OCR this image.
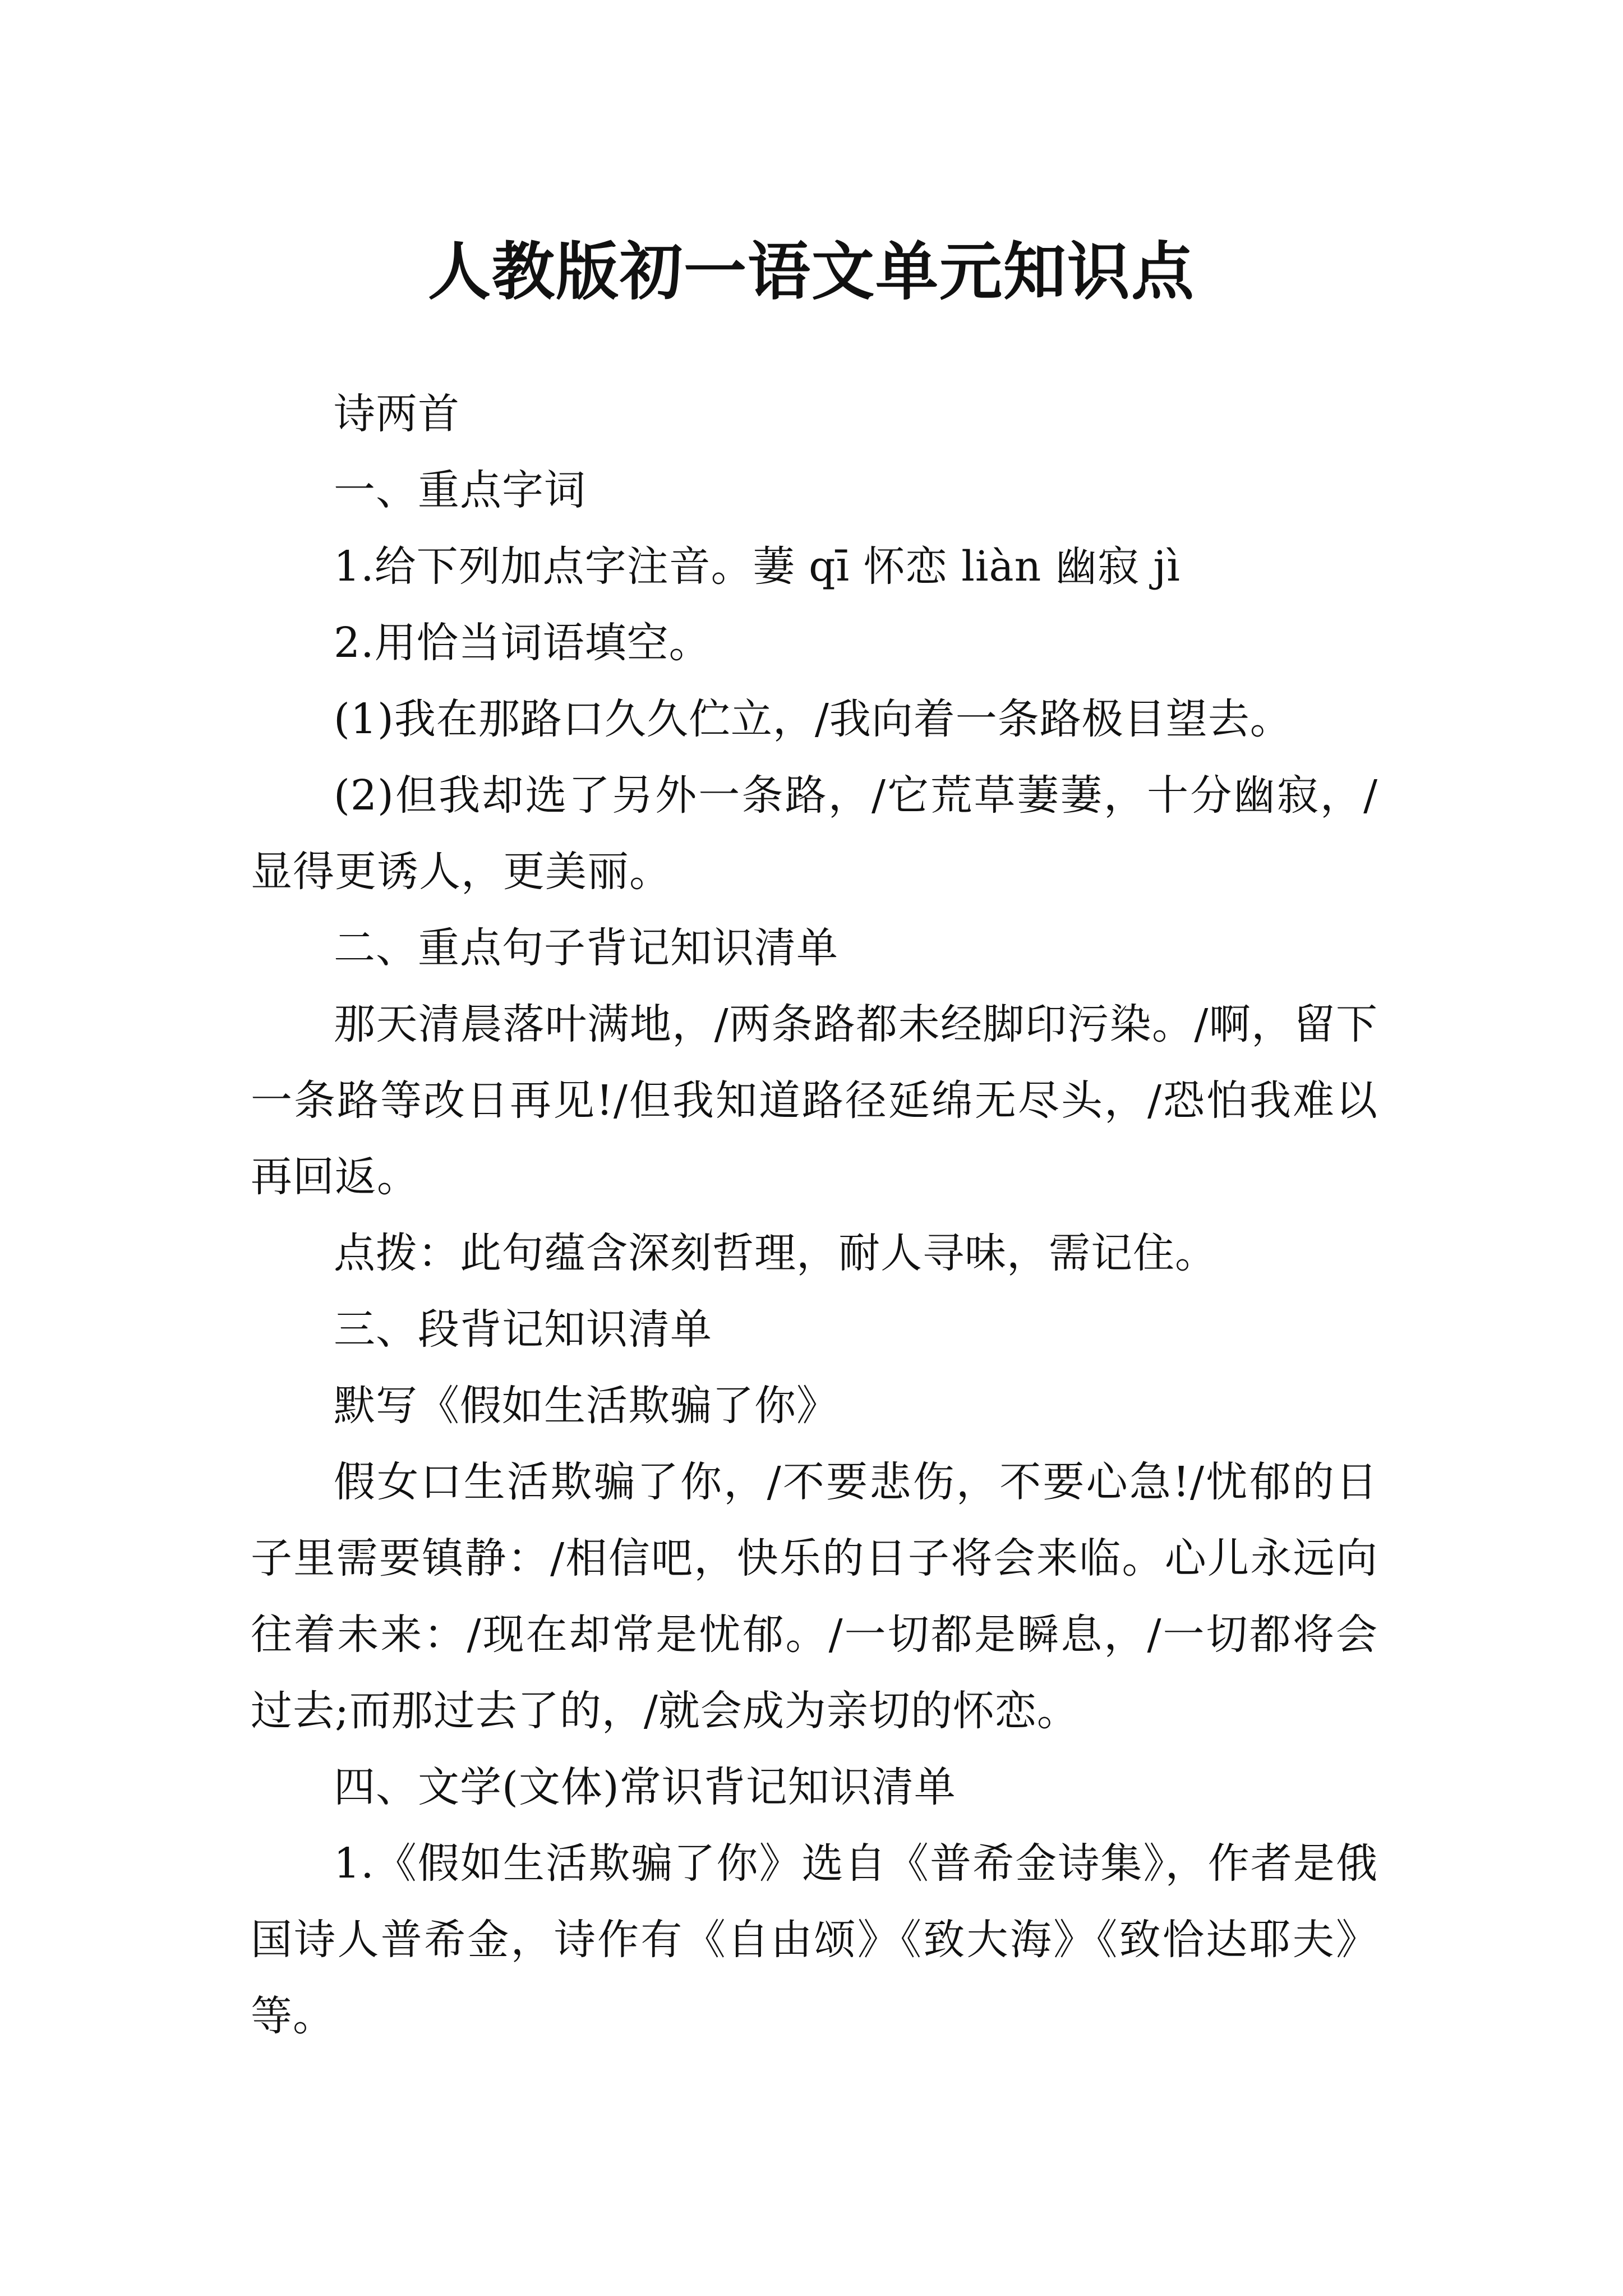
人教版初一语文单元知识点

诗两首

一、重点字词

1.给下列加点字注音。萋 qī 怀恋 liàn 幽寂 jì

2.用恰当词语填空。

(1)我在那路口久久伫立，/我向着一条路极目望去。

(2)但我却选了另外一条路，/它荒草萋萋，十分幽寂，/显得更诱人，更美丽。

二、重点句子背记知识清单

那天清晨落叶满地，/两条路都未经脚印污染。/啊，留下一条路等改日再见!/但我知道路径延绵无尽头，/恐怕我难以再回返。

点拨：此句蕴含深刻哲理，耐人寻味，需记住。

三、段背记知识清单

默写《假如生活欺骗了你》

假女口生活欺骗了你，/不要悲伤，不要心急!/忧郁的日子里需要镇静：/相信吧，快乐的日子将会来临。心儿永远向往着未来：/现在却常是忧郁。/一切都是瞬息，/一切都将会过去;而那过去了的，/就会成为亲切的怀恋。

四、文学(文体)常识背记知识清单

1.《假如生活欺骗了你》选自《普希金诗集》，作者是俄国诗人普希金，诗作有《自由颂》《致大海》《致恰达耶夫》等。
